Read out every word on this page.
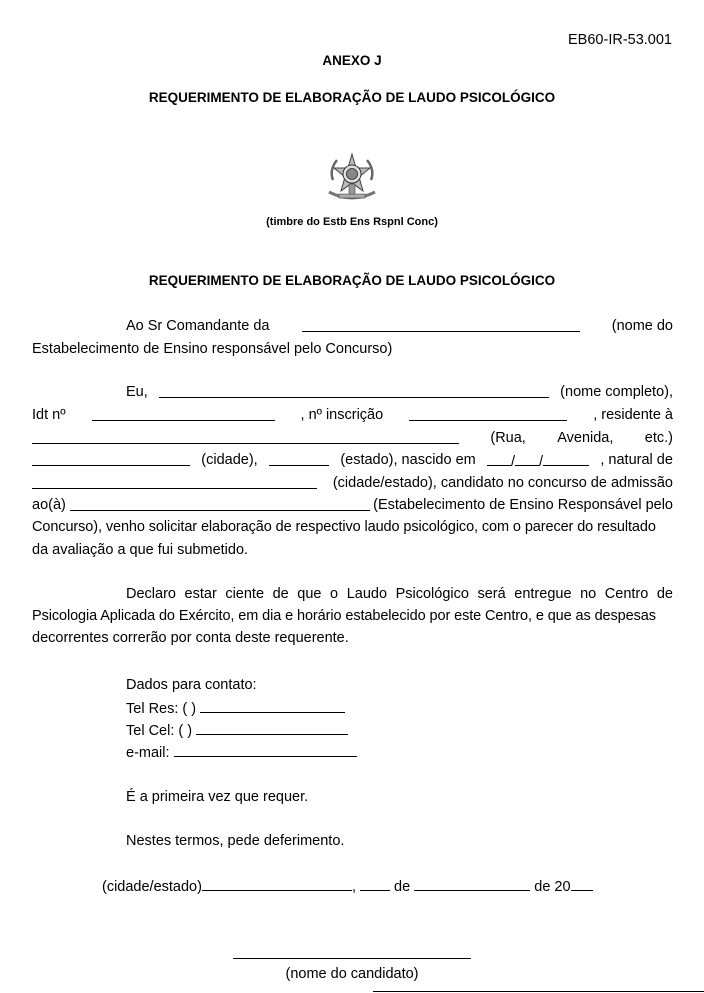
EB60-IR-53.001
ANEXO J
REQUERIMENTO DE ELABORAÇÃO DE LAUDO PSICOLÓGICO
(timbre do Estb Ens Rspnl Conc)
REQUERIMENTO DE ELABORAÇÃO DE LAUDO PSICOLÓGICO
Ao Sr Comandante da	(nome do
Estabelecimento de Ensino responsável pelo Concurso)
Eu,	(nome completo),
Idt nº	, nº inscrição	, residente à
(Rua, Avenida, etc.)
(cidade),	(estado), nascido em	/ /	, natural de
(cidade/estado), candidato no concurso de admissão
ao(à)	(Estabelecimento de Ensino Responsável pelo
Concurso), venho solicitar elaboração de respectivo laudo psicológico, com o parecer do resultado
da avaliação a que fui submetido.
Declaro estar ciente de que o Laudo Psicológico será entregue no Centro de
Psicologia Aplicada do Exército, em dia e horário estabelecido por este Centro, e que as despesas
decorrentes correrão por conta deste requerente.
Dados para contato:
Tel Res: ( )
Tel Cel: ( )
e-mail:
É a primeira vez que requer.
Nestes termos, pede deferimento.
(cidade/estado)	,	de	de 20
(nome do candidato)
